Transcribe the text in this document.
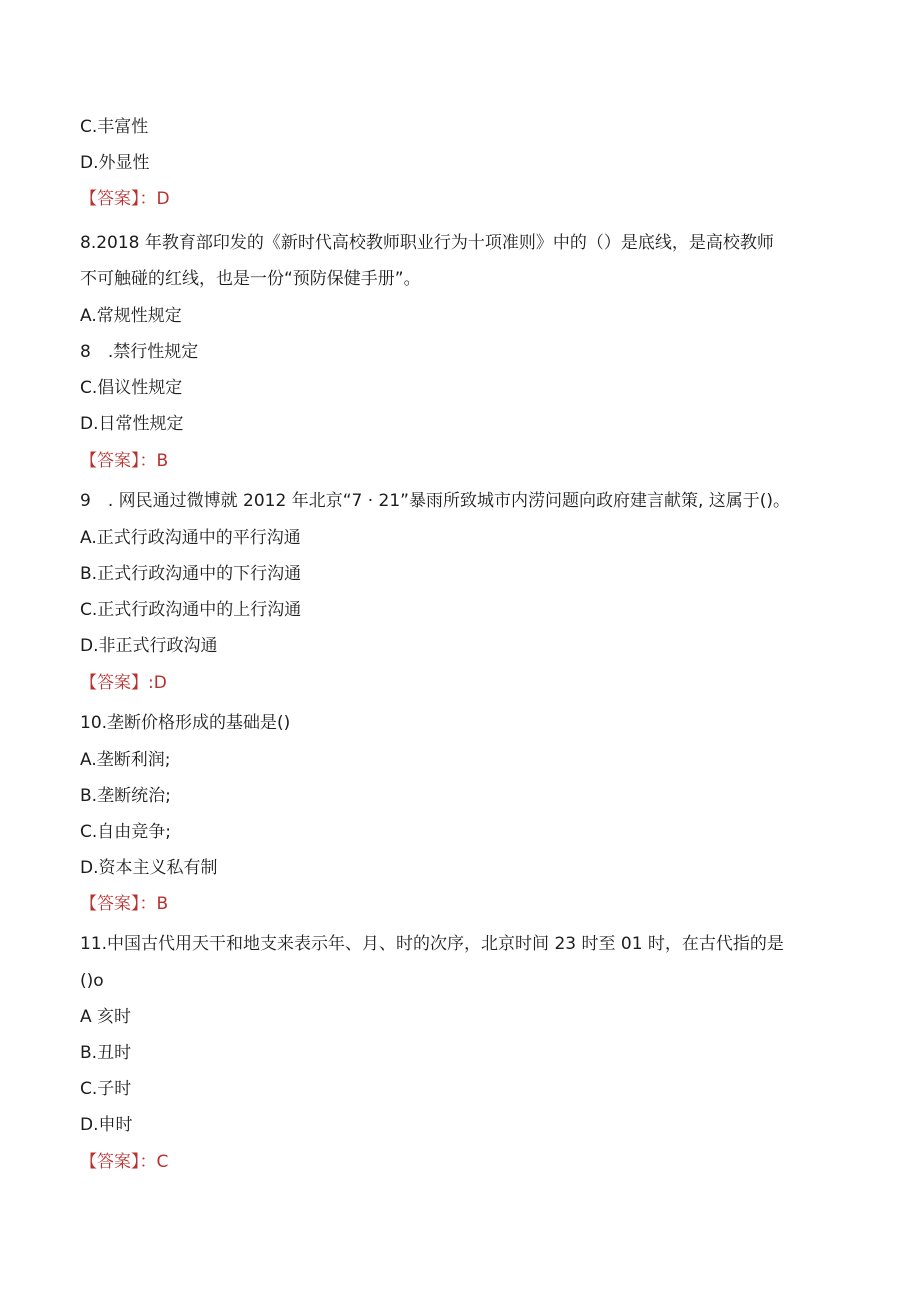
C.丰富性
D.外显性
【答案】：D
8.2018 年教育部印发的《新时代高校教师职业行为十项准则》中的（）是底线，是高校教师
不可触碰的红线，也是一份“预防保健手册”。
A.常规性规定
8　.禁行性规定
C.倡议性规定
D.日常性规定
【答案】：B
9　. 网民通过微博就 2012 年北京“7 · 21”暴雨所致城市内涝问题向政府建言献策, 这属于()。
A.正式行政沟通中的平行沟通
B.正式行政沟通中的下行沟通
C.正式行政沟通中的上行沟通
D.非正式行政沟通
【答案】:D
10.垄断价格形成的基础是()
A.垄断利润;
B.垄断统治;
C.自由竞争;
D.资本主义私有制
【答案】：B
11.中国古代用天干和地支来表示年、月、时的次序，北京时间 23 时至 01 时，在古代指的是
()o
A 亥时
B.丑时
C.子时
D.申时
【答案】：C
